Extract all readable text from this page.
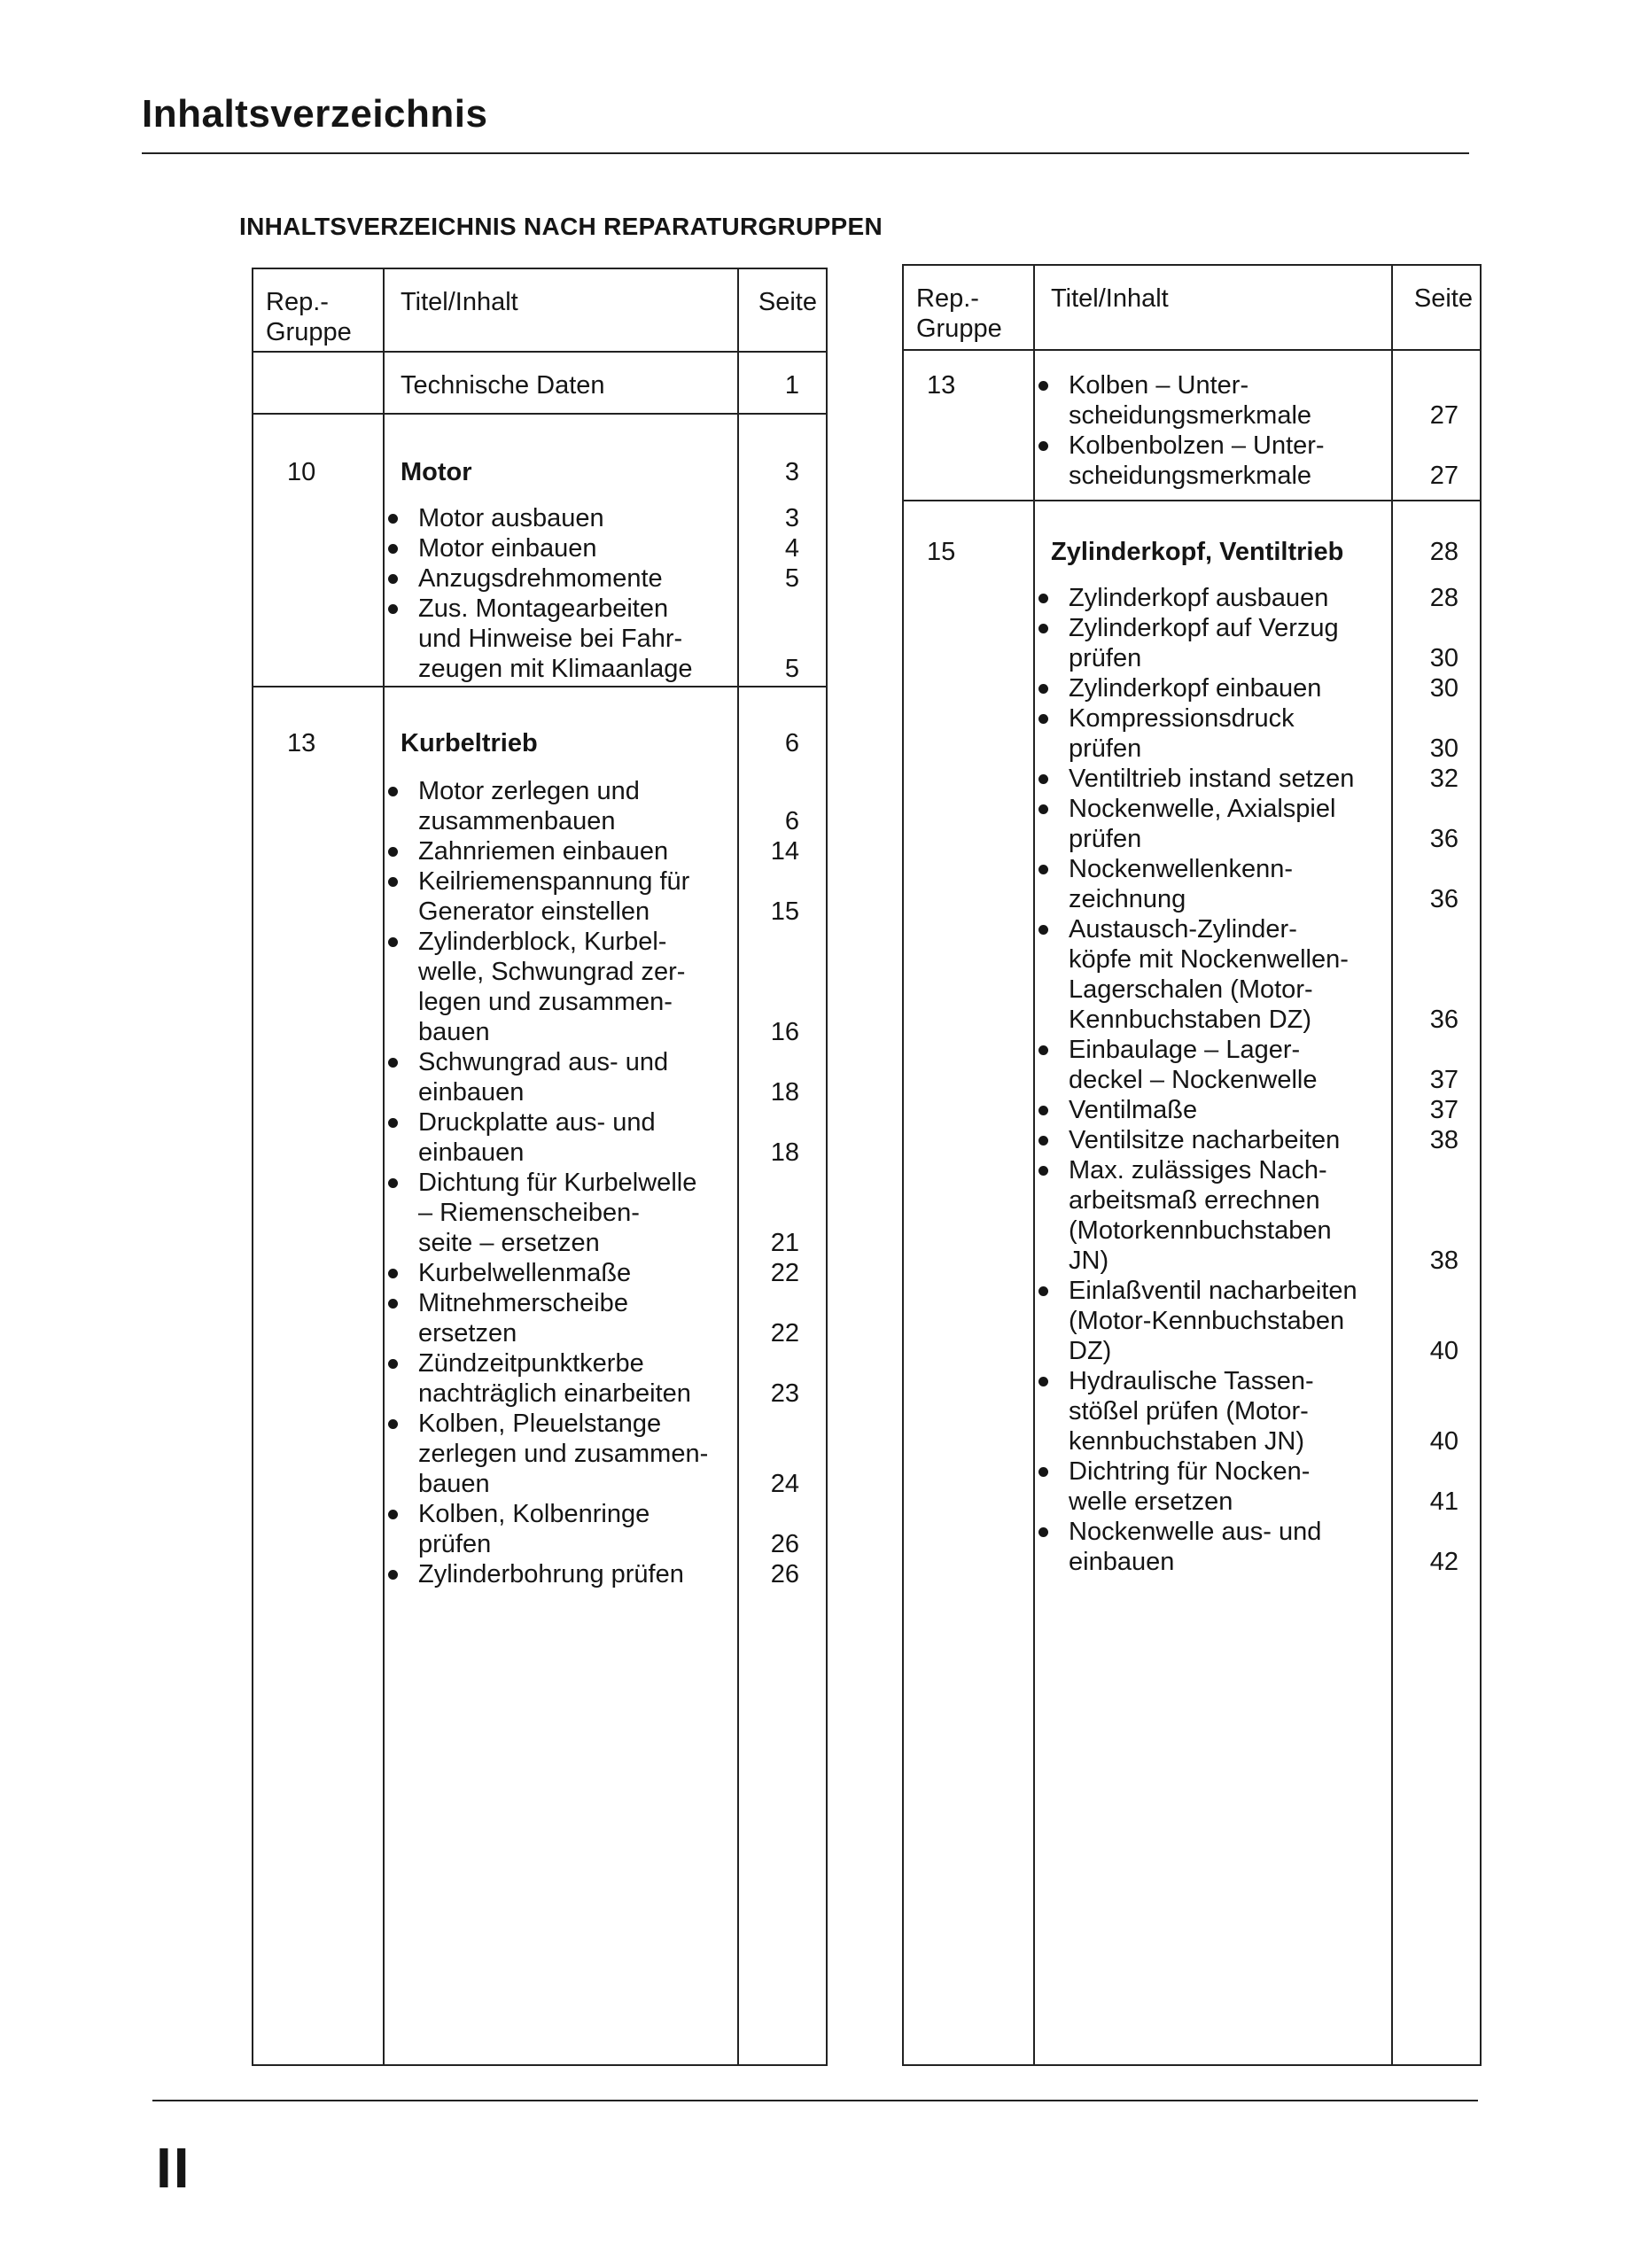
Inhaltsverzeichnis
INHALTSVERZEICHNIS NACH REPARATURGRUPPEN
Rep.-
Gruppe
Titel/Inhalt	Seite
Technische Daten	1
10	Motor	3
Motor ausbauen	3
Motor einbauen	4
Anzugsdrehmomente	5
Zus. Montagearbeiten
und Hinweise bei Fahr-
zeugen mit Klimaanlage	5
13	Kurbeltrieb	6
Motor zerlegen und
zusammenbauen	6
Zahnriemen einbauen	14
Keilriemenspannung für
Generator einstellen	15
Zylinderblock, Kurbel-
welle, Schwungrad zer-
legen und zusammen-
bauen	16
Schwungrad aus- und
einbauen	18
Druckplatte aus- und
einbauen	18
Dichtung für Kurbelwelle
– Riemenscheiben-
seite – ersetzen	21
Kurbelwellenmaße	22
Mitnehmerscheibe
ersetzen	22
Zündzeitpunktkerbe
nachträglich einarbeiten	23
Kolben, Pleuelstange
zerlegen und zusammen-
bauen	24
Kolben, Kolbenringe
prüfen	26
Zylinderbohrung prüfen	26
Rep.-
Gruppe
Titel/Inhalt	Seite
13	Kolben – Unter-
scheidungsmerkmale	27
Kolbenbolzen – Unter-
scheidungsmerkmale	27
15	Zylinderkopf, Ventiltrieb	28
Zylinderkopf ausbauen	28
Zylinderkopf auf Verzug
prüfen	30
Zylinderkopf einbauen	30
Kompressionsdruck
prüfen	30
Ventiltrieb instand setzen	32
Nockenwelle, Axialspiel
prüfen	36
Nockenwellenkenn-
zeichnung	36
Austausch-Zylinder-
köpfe mit Nockenwellen-
Lagerschalen (Motor-
Kennbuchstaben DZ)	36
Einbaulage – Lager-
deckel – Nockenwelle	37
Ventilmaße	37
Ventilsitze nacharbeiten	38
Max. zulässiges Nach-
arbeitsmaß errechnen
(Motorkennbuchstaben
JN)	38
Einlaßventil nacharbeiten
(Motor-Kennbuchstaben
DZ)	40
Hydraulische Tassen-
stößel prüfen (Motor-
kennbuchstaben JN)	40
Dichtring für Nocken-
welle ersetzen	41
Nockenwelle aus- und
einbauen	42
II
